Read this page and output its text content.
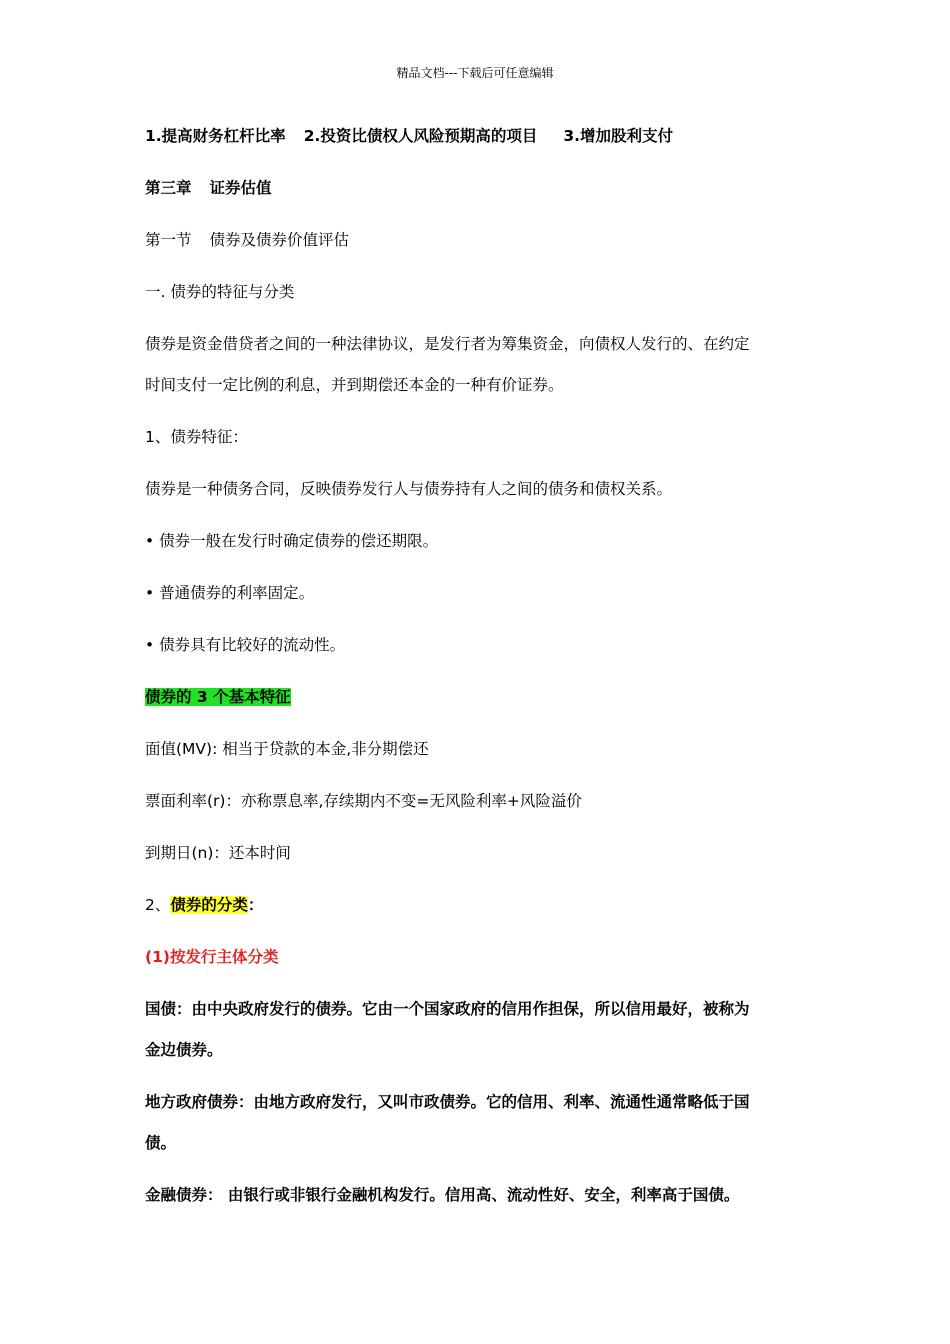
精品文档---下载后可任意编辑

1.提高财务杠杆比率 2.投资比债权人风险预期高的项目 3.增加股利支付

第三章 证券估值

第一节 债券及债券价值评估

一. 债券的特征与分类

债券是资金借贷者之间的一种法律协议，是发行者为筹集资金，向债权人发行的、在约定

时间支付一定比例的利息，并到期偿还本金的一种有价证券。

1、债券特征：

债券是一种债务合同，反映债券发行人与债券持有人之间的债务和债权关系。

• 债券一般在发行时确定债券的偿还期限。

• 普通债券的利率固定。

• 债券具有比较好的流动性。

债券的 3 个基本特征

面值(MV): 相当于贷款的本金,非分期偿还

票面利率(r)：亦称票息率,存续期内不变=无风险利率+风险溢价

到期日(n)：还本时间

2、债券的分类：

(1)按发行主体分类

国债：由中央政府发行的债券。它由一个国家政府的信用作担保，所以信用最好，被称为

金边债券。

地方政府债券：由地方政府发行，又叫市政债券。它的信用、利率、流通性通常略低于国

债。

金融债券： 由银行或非银行金融机构发行。信用高、流动性好、安全，利率高于国债。
